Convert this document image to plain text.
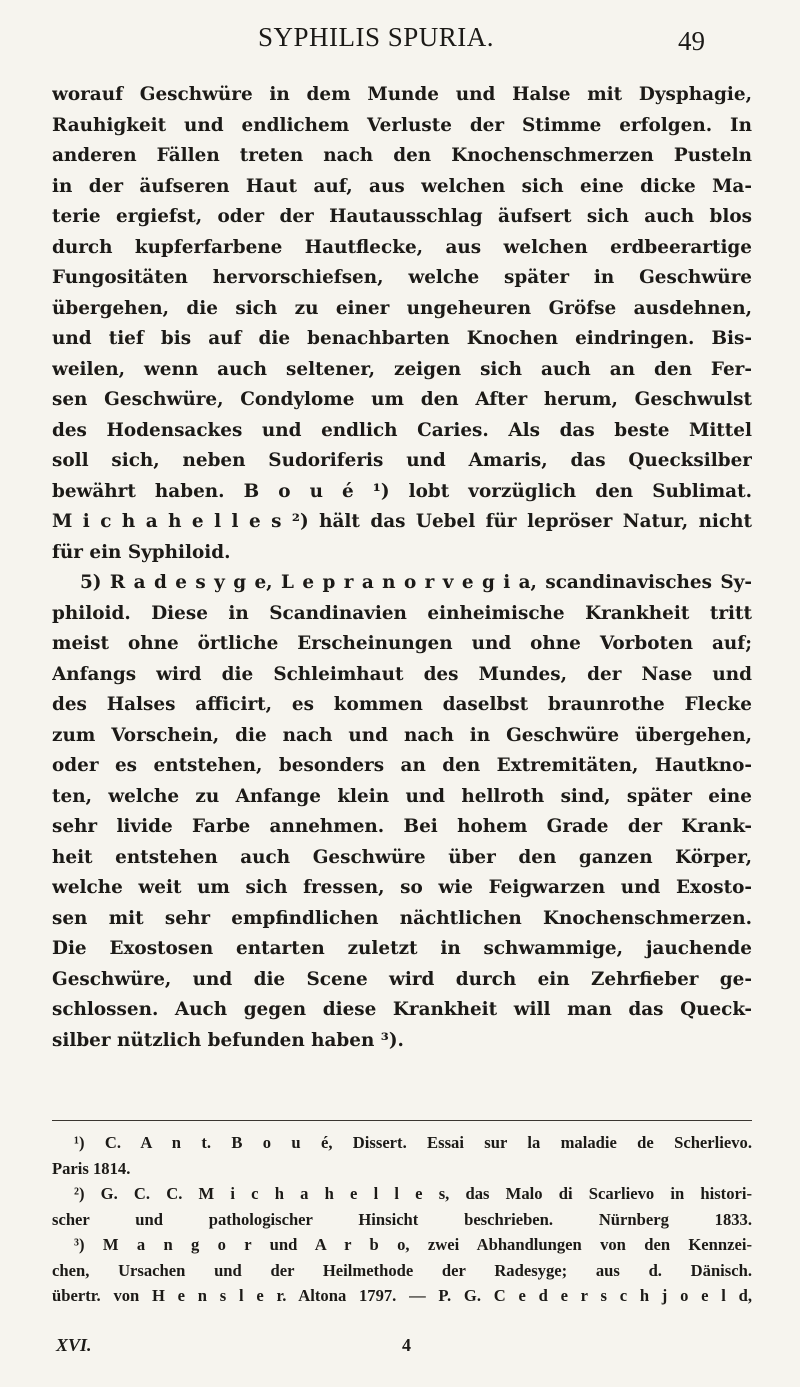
SYPHILIS SPURIA.	49
worauf Geschwüre in dem Munde und Halse mit Dysphagie,
Rauhigkeit und endlichem Verluste der Stimme erfolgen. In
anderen Fällen treten nach den Knochenschmerzen Pusteln
in der äufseren Haut auf, aus welchen sich eine dicke Ma-
terie ergiefst, oder der Hautausschlag äufsert sich auch blos
durch kupferfarbene Hautflecke, aus welchen erdbeerartige
Fungositäten hervorschiefsen, welche später in Geschwüre
übergehen, die sich zu einer ungeheuren Gröfse ausdehnen,
und tief bis auf die benachbarten Knochen eindringen. Bis-
weilen, wenn auch seltener, zeigen sich auch an den Fer-
sen Geschwüre, Condylome um den After herum, Geschwulst
des Hodensackes und endlich Caries. Als das beste Mittel
soll sich, neben Sudoriferis und Amaris, das Quecksilber
bewährt haben. B o u é ¹) lobt vorzüglich den Sublimat.
M i c h a h e l l e s ²) hält das Uebel für lepröser Natur, nicht
für ein Syphiloid.
5) R a d e s y g e, L e p r a n o r v e g i a, scandinavisches Sy-
philoid. Diese in Scandinavien einheimische Krankheit tritt
meist ohne örtliche Erscheinungen und ohne Vorboten auf;
Anfangs wird die Schleimhaut des Mundes, der Nase und
des Halses afficirt, es kommen daselbst braunrothe Flecke
zum Vorschein, die nach und nach in Geschwüre übergehen,
oder es entstehen, besonders an den Extremitäten, Hautkno-
ten, welche zu Anfange klein und hellroth sind, später eine
sehr livide Farbe annehmen. Bei hohem Grade der Krank-
heit entstehen auch Geschwüre über den ganzen Körper,
welche weit um sich fressen, so wie Feigwarzen und Exosto-
sen mit sehr empfindlichen nächtlichen Knochenschmerzen.
Die Exostosen entarten zuletzt in schwammige, jauchende
Geschwüre, und die Scene wird durch ein Zehrfieber ge-
schlossen. Auch gegen diese Krankheit will man das Queck-
silber nützlich befunden haben ³).
¹) C. A n t. B o u é, Dissert. Essai sur la maladie de Scherlievo.
Paris 1814.
²) G. C. C. M i c h a h e l l e s, das Malo di Scarlievo in histori-
scher und pathologischer Hinsicht beschrieben. Nürnberg 1833.
³) M a n g o r und A r b o, zwei Abhandlungen von den Kennzei-
chen, Ursachen und der Heilmethode der Radesyge; aus d. Dänisch.
übertr. von H e n s l e r. Altona 1797. — P. G. C e d e r s c h j o e l d,
XVI.	4
